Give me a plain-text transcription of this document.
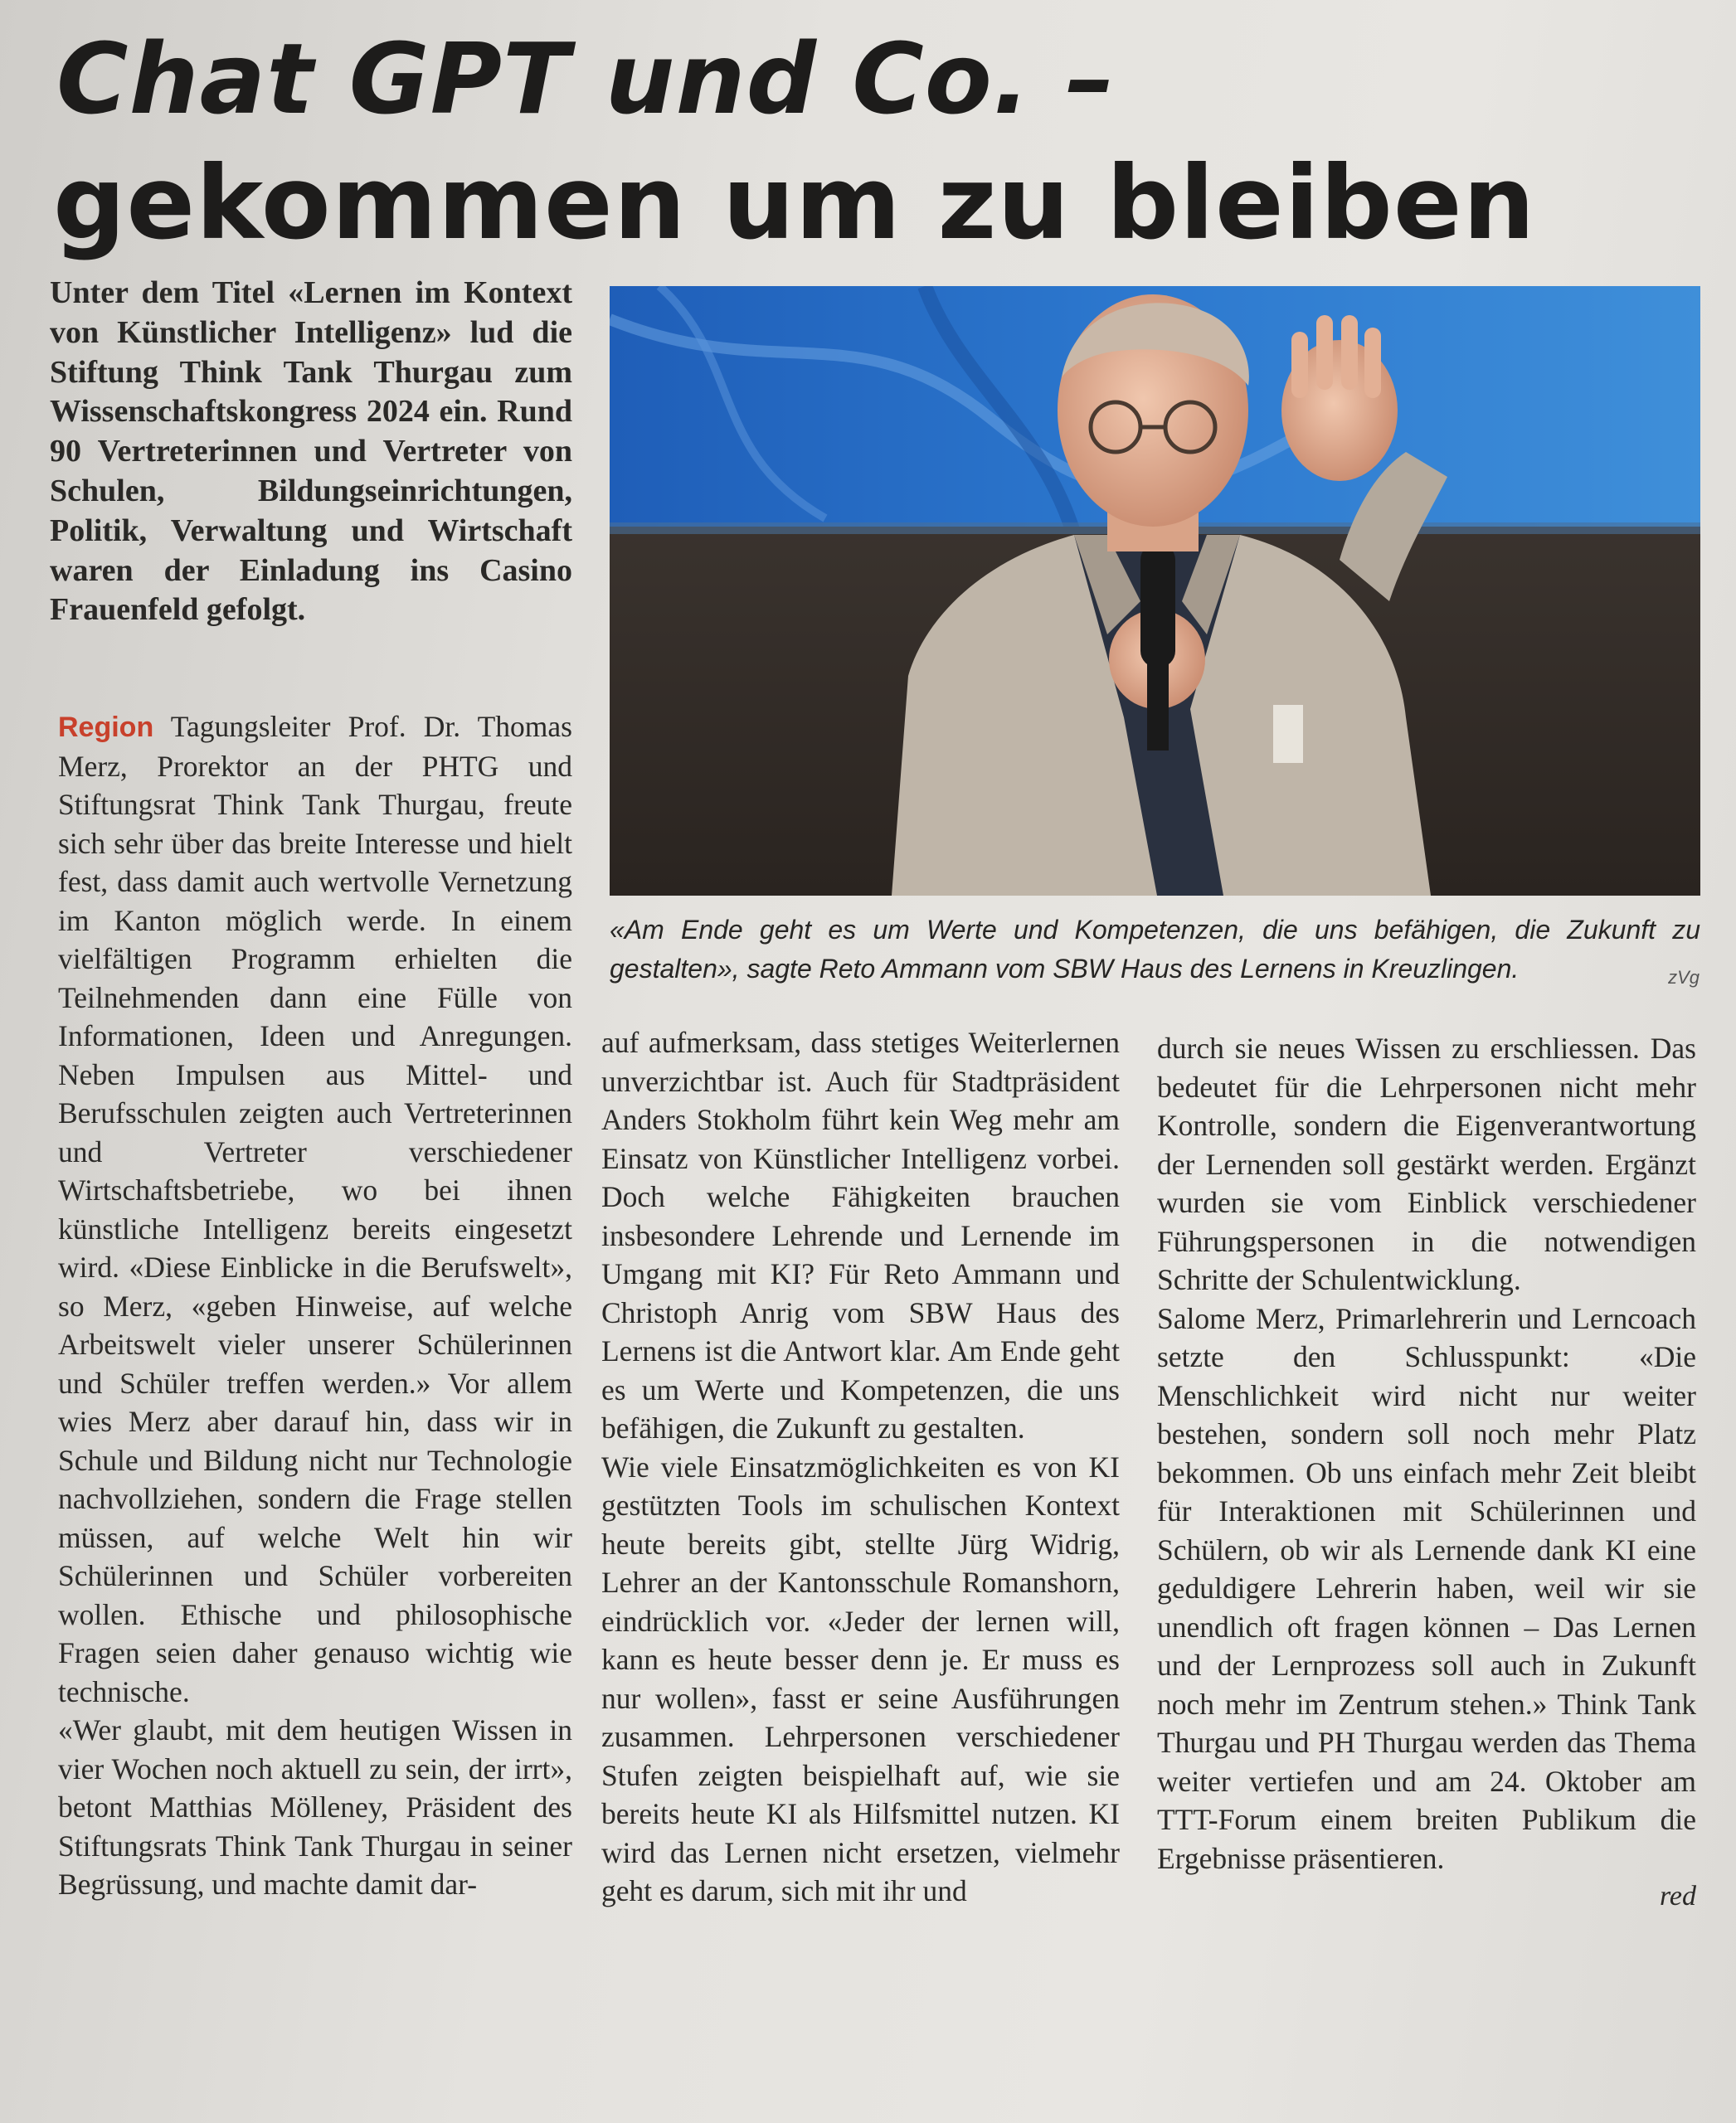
Chat GPT und Co. –
gekommen um zu bleiben
Unter dem Titel «Lernen im Kontext von Künstlicher Intelligenz» lud die Stiftung Think Tank Thurgau zum Wissenschaftskongress 2024 ein. Rund 90 Vertreterinnen und Vertreter von Schulen, Bildungseinrichtungen, Politik, Verwaltung und Wirtschaft waren der Einladung ins Casino Frauenfeld gefolgt.
«Am Ende geht es um Werte und Kompetenzen, die uns befähigen, die Zukunft zu gestalten», sagte Reto Ammann vom SBW Haus des Lernens in Kreuzlingen.	zVg

Region Tagungsleiter Prof. Dr. Thomas Merz, Prorektor an der PHTG und Stiftungsrat Think Tank Thurgau, freute sich sehr über das breite Interesse und hielt fest, dass damit auch wertvolle Vernetzung im Kanton möglich werde. In einem vielfältigen Programm erhielten die Teilnehmenden dann eine Fülle von Informationen, Ideen und Anregungen. Neben Impulsen aus Mittel- und Berufsschulen zeigten auch Vertreterinnen und Vertreter verschiedener Wirtschaftsbetriebe, wo bei ihnen künstliche Intelligenz bereits eingesetzt wird. «Diese Einblicke in die Berufswelt», so Merz, «geben Hinweise, auf welche Arbeitswelt vieler unserer Schülerinnen und Schüler treffen werden.» Vor allem wies Merz aber darauf hin, dass wir in Schule und Bildung nicht nur Technologie nachvollziehen, sondern die Frage stellen müssen, auf welche Welt hin wir Schülerinnen und Schüler vorbereiten wollen. Ethische und philosophische Fragen seien daher genauso wichtig wie technische.

«Wer glaubt, mit dem heutigen Wissen in vier Wochen noch aktuell zu sein, der irrt», betont Matthias Mölleney, Präsident des Stiftungsrats Think Tank Thurgau in seiner Begrüssung, und machte damit dar-

auf aufmerksam, dass stetiges Weiterlernen unverzichtbar ist. Auch für Stadtpräsident Anders Stokholm führt kein Weg mehr am Einsatz von Künstlicher Intelligenz vorbei. Doch welche Fähigkeiten brauchen insbesondere Lehrende und Lernende im Umgang mit KI? Für Reto Ammann und Christoph Anrig vom SBW Haus des Lernens ist die Antwort klar. Am Ende geht es um Werte und Kompetenzen, die uns befähigen, die Zukunft zu gestalten.

Wie viele Einsatzmöglichkeiten es von KI gestützten Tools im schulischen Kontext heute bereits gibt, stellte Jürg Widrig, Lehrer an der Kantonsschule Romanshorn, eindrücklich vor. «Jeder der lernen will, kann es heute besser denn je. Er muss es nur wollen», fasst er seine Ausführungen zusammen. Lehrpersonen verschiedener Stufen zeigten beispielhaft auf, wie sie bereits heute KI als Hilfsmittel nutzen. KI wird das Lernen nicht ersetzen, vielmehr geht es darum, sich mit ihr und

durch sie neues Wissen zu erschliessen. Das bedeutet für die Lehrpersonen nicht mehr Kontrolle, sondern die Eigenverantwortung der Lernenden soll gestärkt werden. Ergänzt wurden sie vom Einblick verschiedener Führungspersonen in die notwendigen Schritte der Schulentwicklung.

Salome Merz, Primarlehrerin und Lerncoach setzte den Schlusspunkt: «Die Menschlichkeit wird nicht nur weiter bestehen, sondern soll noch mehr Platz bekommen. Ob uns einfach mehr Zeit bleibt für Interaktionen mit Schülerinnen und Schülern, ob wir als Lernende dank KI eine geduldigere Lehrerin haben, weil wir sie unendlich oft fragen können – Das Lernen und der Lernprozess soll auch in Zukunft noch mehr im Zentrum stehen.» Think Tank Thurgau und PH Thurgau werden das Thema weiter vertiefen und am 24. Oktober am TTT-Forum einem breiten Publikum die Ergebnisse präsentieren.

red
